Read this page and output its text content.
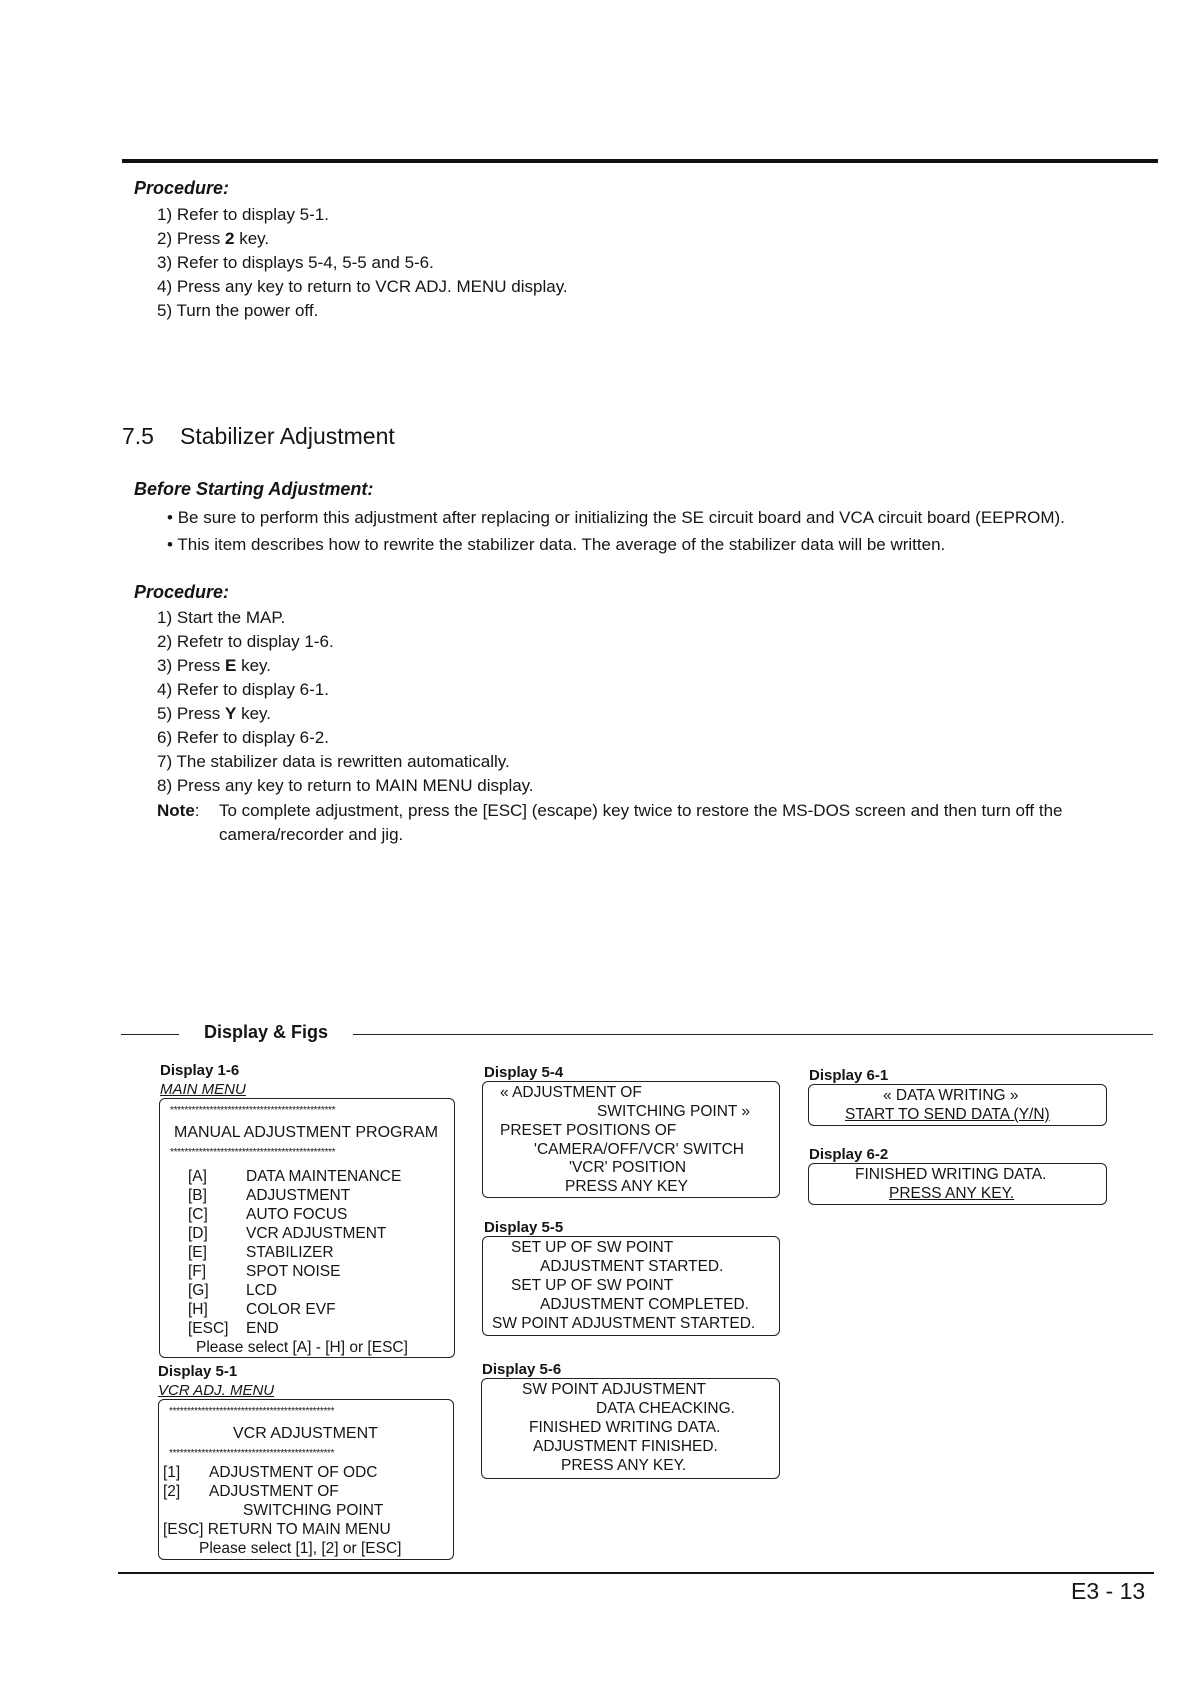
Procedure:
1) Refer to display 5-1.
2) Press 2 key.
3) Refer to displays 5-4, 5-5 and 5-6.
4) Press any key to return to VCR ADJ. MENU display.
5) Turn the power off.
7.5 Stabilizer Adjustment
Before Starting Adjustment:
• Be sure to perform this adjustment after replacing or initializing the SE circuit board and VCA circuit board (EEPROM).
• This item describes how to rewrite the stabilizer data. The average of the stabilizer data will be written.
Procedure:
1) Start the MAP.
2) Refetr to display 1-6.
3) Press E key.
4) Refer to display 6-1.
5) Press Y key.
6) Refer to display 6-2.
7) The stabilizer data is rewritten automatically.
8) Press any key to return to MAIN MENU display.
Note: To complete adjustment, press the [ESC] (escape) key twice to restore the MS-DOS screen and then turn off the
camera/recorder and jig.
Display & Figs
Display 1-6
MAIN MENU
**********************************************
MANUAL ADJUSTMENT PROGRAM
**********************************************
[A]	DATA MAINTENANCE
[B]	ADJUSTMENT
[C] AUTO FOCUS
[D] VCR ADJUSTMENT
[E]	STABILIZER
[F]	SPOT NOISE
[G] LCD
[H] COLOR EVF
[ESC] END
Please select [A] - [H] or [ESC]
Display 5-1
VCR ADJ. MENU
**********************************************
VCR ADJUSTMENT
**********************************************
[1] ADJUSTMENT OF ODC
[2] ADJUSTMENT OF
SWITCHING POINT
[ESC] RETURN TO MAIN MENU
Please select [1], [2] or [ESC]
Display 5-4
« ADJUSTMENT OF
SWITCHING POINT »
PRESET POSITIONS OF
'CAMERA/OFF/VCR' SWITCH
'VCR' POSITION
PRESS ANY KEY
Display 5-5
SET UP OF SW POINT
ADJUSTMENT STARTED.
SET UP OF SW POINT
ADJUSTMENT COMPLETED.
SW POINT ADJUSTMENT STARTED.
Display 5-6
SW POINT ADJUSTMENT
DATA CHEACKING.
FINISHED WRITING DATA.
ADJUSTMENT FINISHED.
PRESS ANY KEY.
Display 6-1
« DATA WRITING »
START TO SEND DATA (Y/N)
Display 6-2
FINISHED WRITING DATA.
PRESS ANY KEY.
E3 - 13
